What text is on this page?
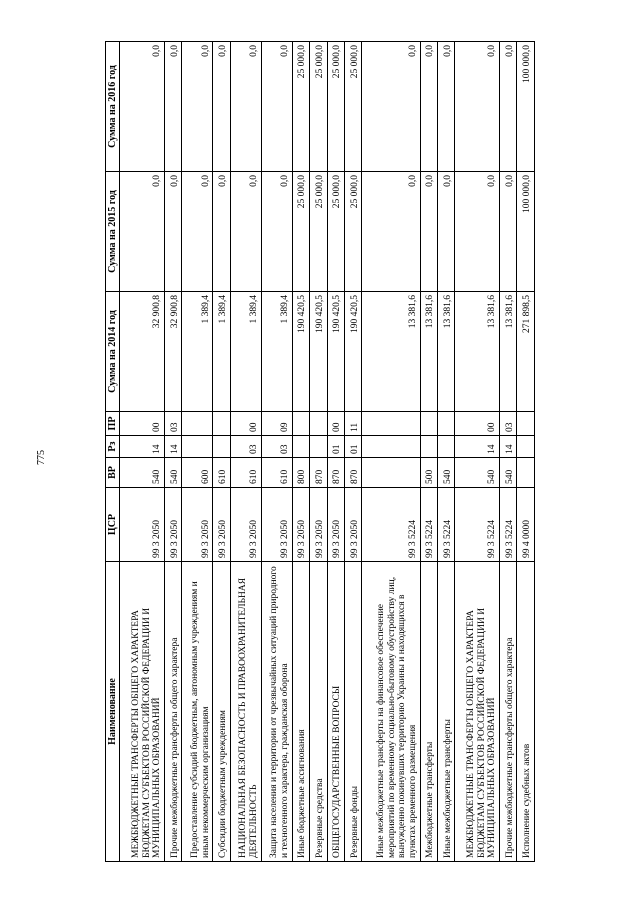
775
Наименование	ЦСР	ВР	Рз	ПР	Сумма на 2014 год	Сумма на 2015 год	Сумма на 2016 год
МЕЖБЮДЖЕТНЫЕ ТРАНСФЕРТЫ ОБЩЕГО ХАРАКТЕРА БЮДЖЕТАМ СУБЪЕКТОВ РОССИЙСКОЙ ФЕДЕРАЦИИ И МУНИЦИПАЛЬНЫХ ОБРАЗОВАНИЙ	99 3 2050	540	14	00	32 900,8	0,0	0,0
Прочие межбюджетные трансферты общего характера	99 3 2050	540	14	03	32 900,8	0,0	0,0
Предоставление субсидий бюджетным, автономным учреждениям и иным некоммерческим организациям	99 3 2050	600			1 389,4	0,0	0,0
Субсидии бюджетным учреждениям	99 3 2050	610			1 389,4	0,0	0,0
НАЦИОНАЛЬНАЯ БЕЗОПАСНОСТЬ И ПРАВООХРАНИТЕЛЬНАЯ ДЕЯТЕЛЬНОСТЬ	99 3 2050	610	03	00	1 389,4	0,0	0,0
Защита населения и территории от чрезвычайных ситуаций природного и техногенного характера, гражданская оборона	99 3 2050	610	03	09	1 389,4	0,0	0,0
Иные бюджетные ассигнования	99 3 2050	800			190 420,5	25 000,0	25 000,0
Резервные средства	99 3 2050	870			190 420,5	25 000,0	25 000,0
ОБЩЕГОСУДАРСТВЕННЫЕ ВОПРОСЫ	99 3 2050	870	01	00	190 420,5	25 000,0	25 000,0
Резервные фонды	99 3 2050	870	01	11	190 420,5	25 000,0	25 000,0
Иные межбюджетные трансферты на финансовое обеспечение мероприятий по временному социально-бытовому обустройству лиц, вынужденно покинувших территорию Украины и находящихся в пунктах временного размещения	99 3 5224				13 381,6	0,0	0,0
Межбюджетные трансферты	99 3 5224	500			13 381,6	0,0	0,0
Иные межбюджетные трансферты	99 3 5224	540			13 381,6	0,0	0,0
МЕЖБЮДЖЕТНЫЕ ТРАНСФЕРТЫ ОБЩЕГО ХАРАКТЕРА БЮДЖЕТАМ СУБЪЕКТОВ РОССИЙСКОЙ ФЕДЕРАЦИИ И МУНИЦИПАЛЬНЫХ ОБРАЗОВАНИЙ	99 3 5224	540	14	00	13 381,6	0,0	0,0
Прочие межбюджетные трансферты общего характера	99 3 5224	540	14	03	13 381,6	0,0	0,0
Исполнение судебных актов	99 4 0000				271 898,5	100 000,0	100 000,0
